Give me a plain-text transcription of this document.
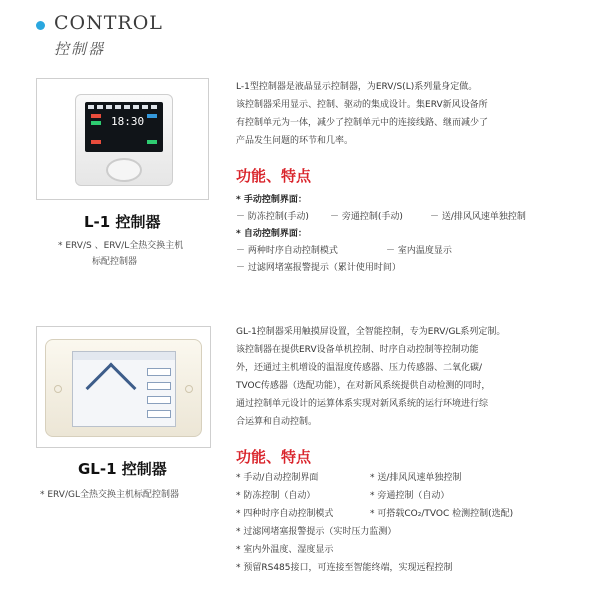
CONTROL
控制器
18:30
L-1 控制器
* ERV/S 、ERV/L全热交换主机
标配控制器
L-1型控制器是液晶显示控制器，为ERV/S(L)系列量身定做。
该控制器采用显示、控制、驱动的集成设计。集ERV新风设备所
有控制单元为一体，减少了控制单元中的连接线路、继而减少了
产品发生问题的环节和几率。
功能、特点
* 手动控制界面：
－ 防冻控制(手动) － 旁通控制(手动)	－ 送/排风风速单独控制
* 自动控制界面：
－ 两种时序自动控制模式	－ 室内温度显示
－ 过滤网堵塞报警提示（累计使用时间）
GL-1 控制器
* ERV/GL全热交换主机标配控制器
GL-1控制器采用触摸屏设置，全智能控制，专为ERV/GL系列定制。
该控制器在提供ERV设备单机控制、时序自动控制等控制功能
外，还通过主机增设的温湿度传感器、压力传感器、二氧化碳/
TVOC传感器（选配功能），在对新风系统提供自动检测的同时，
通过控制单元设计的运算体系实现对新风系统的运行环境进行综
合运算和自动控制。
功能、特点
* 手动/自动控制界面	* 送/排风风速单独控制
* 防冻控制（自动）	* 旁通控制（自动）
* 四种时序自动控制模式	* 可搭载CO₂/TVOC 检测控制(选配)
* 过滤网堵塞报警提示（实时压力监测）
* 室内外温度、湿度显示
* 预留RS485接口，可连接至智能终端，实现远程控制
